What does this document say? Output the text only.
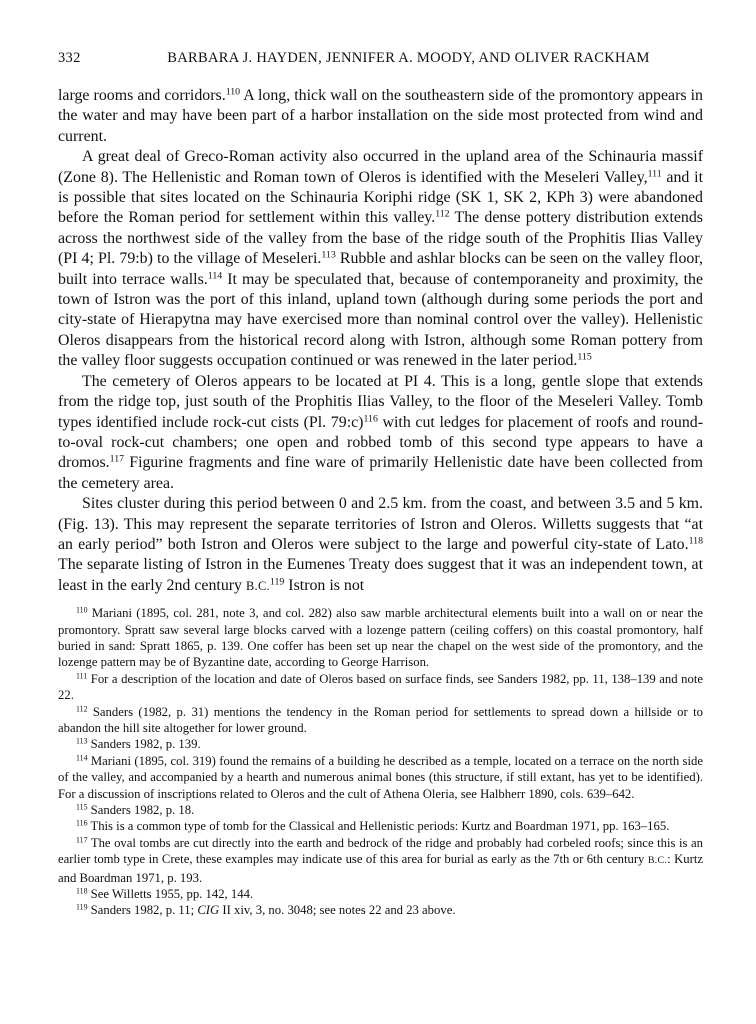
332	BARBARA J. HAYDEN, JENNIFER A. MOODY, AND OLIVER RACKHAM

large rooms and corridors.$^{110}$ A long, thick wall on the southeastern side of the promontory appears in the water and may have been part of a harbor installation on the side most protected from wind and current.

A great deal of Greco-Roman activity also occurred in the upland area of the Schinauria massif (Zone 8). The Hellenistic and Roman town of Oleros is identified with the Meseleri Valley,$^{111}$ and it is possible that sites located on the Schinauria Koriphi ridge (SK 1, SK 2, KPh 3) were abandoned before the Roman period for settlement within this valley.$^{112}$ The dense pottery distribution extends across the northwest side of the valley from the base of the ridge south of the Prophitis Ilias Valley (PI 4; Pl. 79:b) to the village of Meseleri.$^{113}$ Rubble and ashlar blocks can be seen on the valley floor, built into terrace walls.$^{114}$ It may be speculated that, because of contemporaneity and proximity, the town of Istron was the port of this inland, upland town (although during some periods the port and city-state of Hierapytna may have exercised more than nominal control over the valley). Hellenistic Oleros disappears from the historical record along with Istron, although some Roman pottery from the valley floor suggests occupation continued or was renewed in the later period.$^{115}$

The cemetery of Oleros appears to be located at PI 4. This is a long, gentle slope that extends from the ridge top, just south of the Prophitis Ilias Valley, to the floor of the Meseleri Valley. Tomb types identified include rock-cut cists (Pl. 79:c)$^{116}$ with cut ledges for placement of roofs and round-to-oval rock-cut chambers; one open and robbed tomb of this second type appears to have a dromos.$^{117}$ Figurine fragments and fine ware of primarily Hellenistic date have been collected from the cemetery area.

Sites cluster during this period between 0 and 2.5 km. from the coast, and between 3.5 and 5 km. (Fig. 13). This may represent the separate territories of Istron and Oleros. Willetts suggests that “at an early period” both Istron and Oleros were subject to the large and powerful city-state of Lato.$^{118}$ The separate listing of Istron in the Eumenes Treaty does suggest that it was an independent town, at least in the early 2nd century B.C.$^{119}$ Istron is not

$^{110}$ Mariani (1895, col. 281, note 3, and col. 282) also saw marble architectural elements built into a wall on or near the promontory. Spratt saw several large blocks carved with a lozenge pattern (ceiling coffers) on this coastal promontory, half buried in sand: Spratt 1865, p. 139. One coffer has been set up near the chapel on the west side of the promontory, and the lozenge pattern may be of Byzantine date, according to George Harrison.

$^{111}$ For a description of the location and date of Oleros based on surface finds, see Sanders 1982, pp. 11, 138–139 and note 22.

$^{112}$ Sanders (1982, p. 31) mentions the tendency in the Roman period for settlements to spread down a hillside or to abandon the hill site altogether for lower ground.

$^{113}$ Sanders 1982, p. 139.

$^{114}$ Mariani (1895, col. 319) found the remains of a building he described as a temple, located on a terrace on the north side of the valley, and accompanied by a hearth and numerous animal bones (this structure, if still extant, has yet to be identified). For a discussion of inscriptions related to Oleros and the cult of Athena Oleria, see Halbherr 1890, cols. 639–642.

$^{115}$ Sanders 1982, p. 18.

$^{116}$ This is a common type of tomb for the Classical and Hellenistic periods: Kurtz and Boardman 1971, pp. 163–165.

$^{117}$ The oval tombs are cut directly into the earth and bedrock of the ridge and probably had corbeled roofs; since this is an earlier tomb type in Crete, these examples may indicate use of this area for burial as early as the 7th or 6th century B.C.: Kurtz and Boardman 1971, p. 193.

$^{118}$ See Willetts 1955, pp. 142, 144.

$^{119}$ Sanders 1982, p. 11; CIG II xiv, 3, no. 3048; see notes 22 and 23 above.
